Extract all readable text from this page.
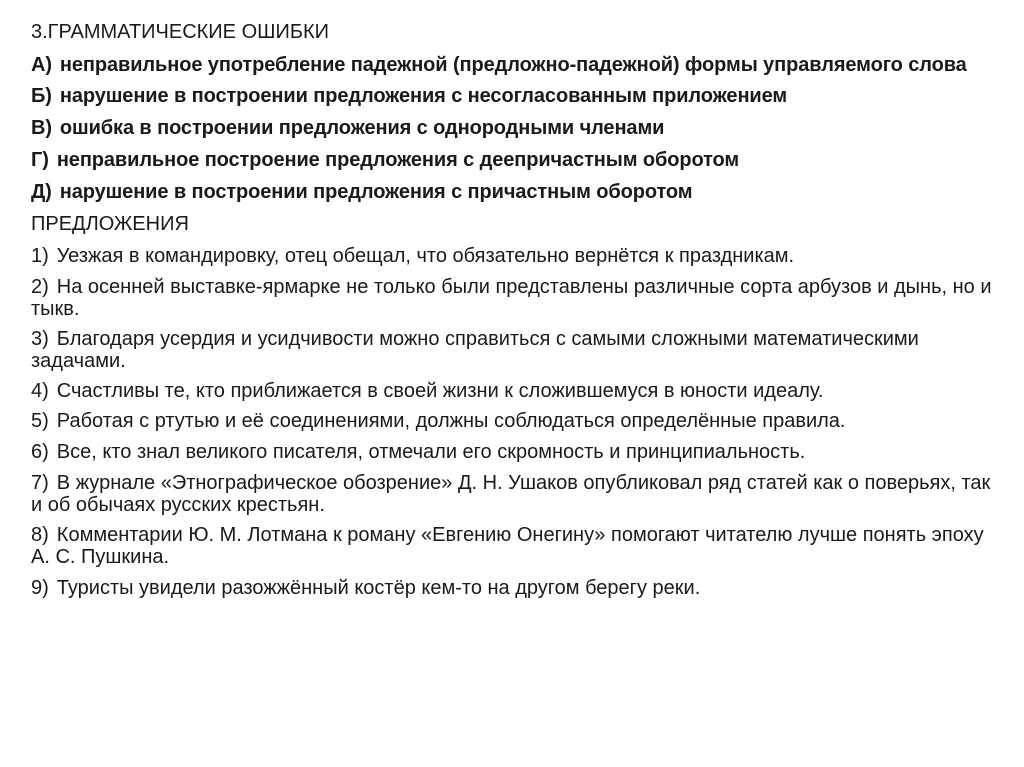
3.ГРАММАТИЧЕСКИЕ ОШИБКИ
А) неправильное употребление падежной (предложно-падежной) формы управляемого слова
Б) нарушение в построении предложения с несогласованным приложением
В) ошибка в построении предложения с однородными членами
Г) неправильное построение предложения с деепричастным оборотом
Д) нарушение в построении предложения с причастным оборотом
ПРЕДЛОЖЕНИЯ
1) Уезжая в командировку, отец обещал, что обязательно вернётся к праздникам.
2) На осенней выставке-ярмарке не только были представлены различные сорта арбузов и дынь, но и тыкв.
3) Благодаря усердия и усидчивости можно справиться с самыми сложными математическими задачами.
4) Счастливы те, кто приближается в своей жизни к сложившемуся в юности идеалу.
5) Работая с ртутью и её соединениями, должны соблюдаться определённые правила.
6) Все, кто знал великого писателя, отмечали его скромность и принципиальность.
7) В журнале «Этнографическое обозрение» Д. Н. Ушаков опубликовал ряд статей как о поверьях, так и об обычаях русских крестьян.
8) Комментарии Ю. М. Лотмана к роману «Евгению Онегину» помогают читателю лучше понять эпоху А. С. Пушкина.
9) Туристы увидели разожжённый костёр кем-то на другом берегу реки.
